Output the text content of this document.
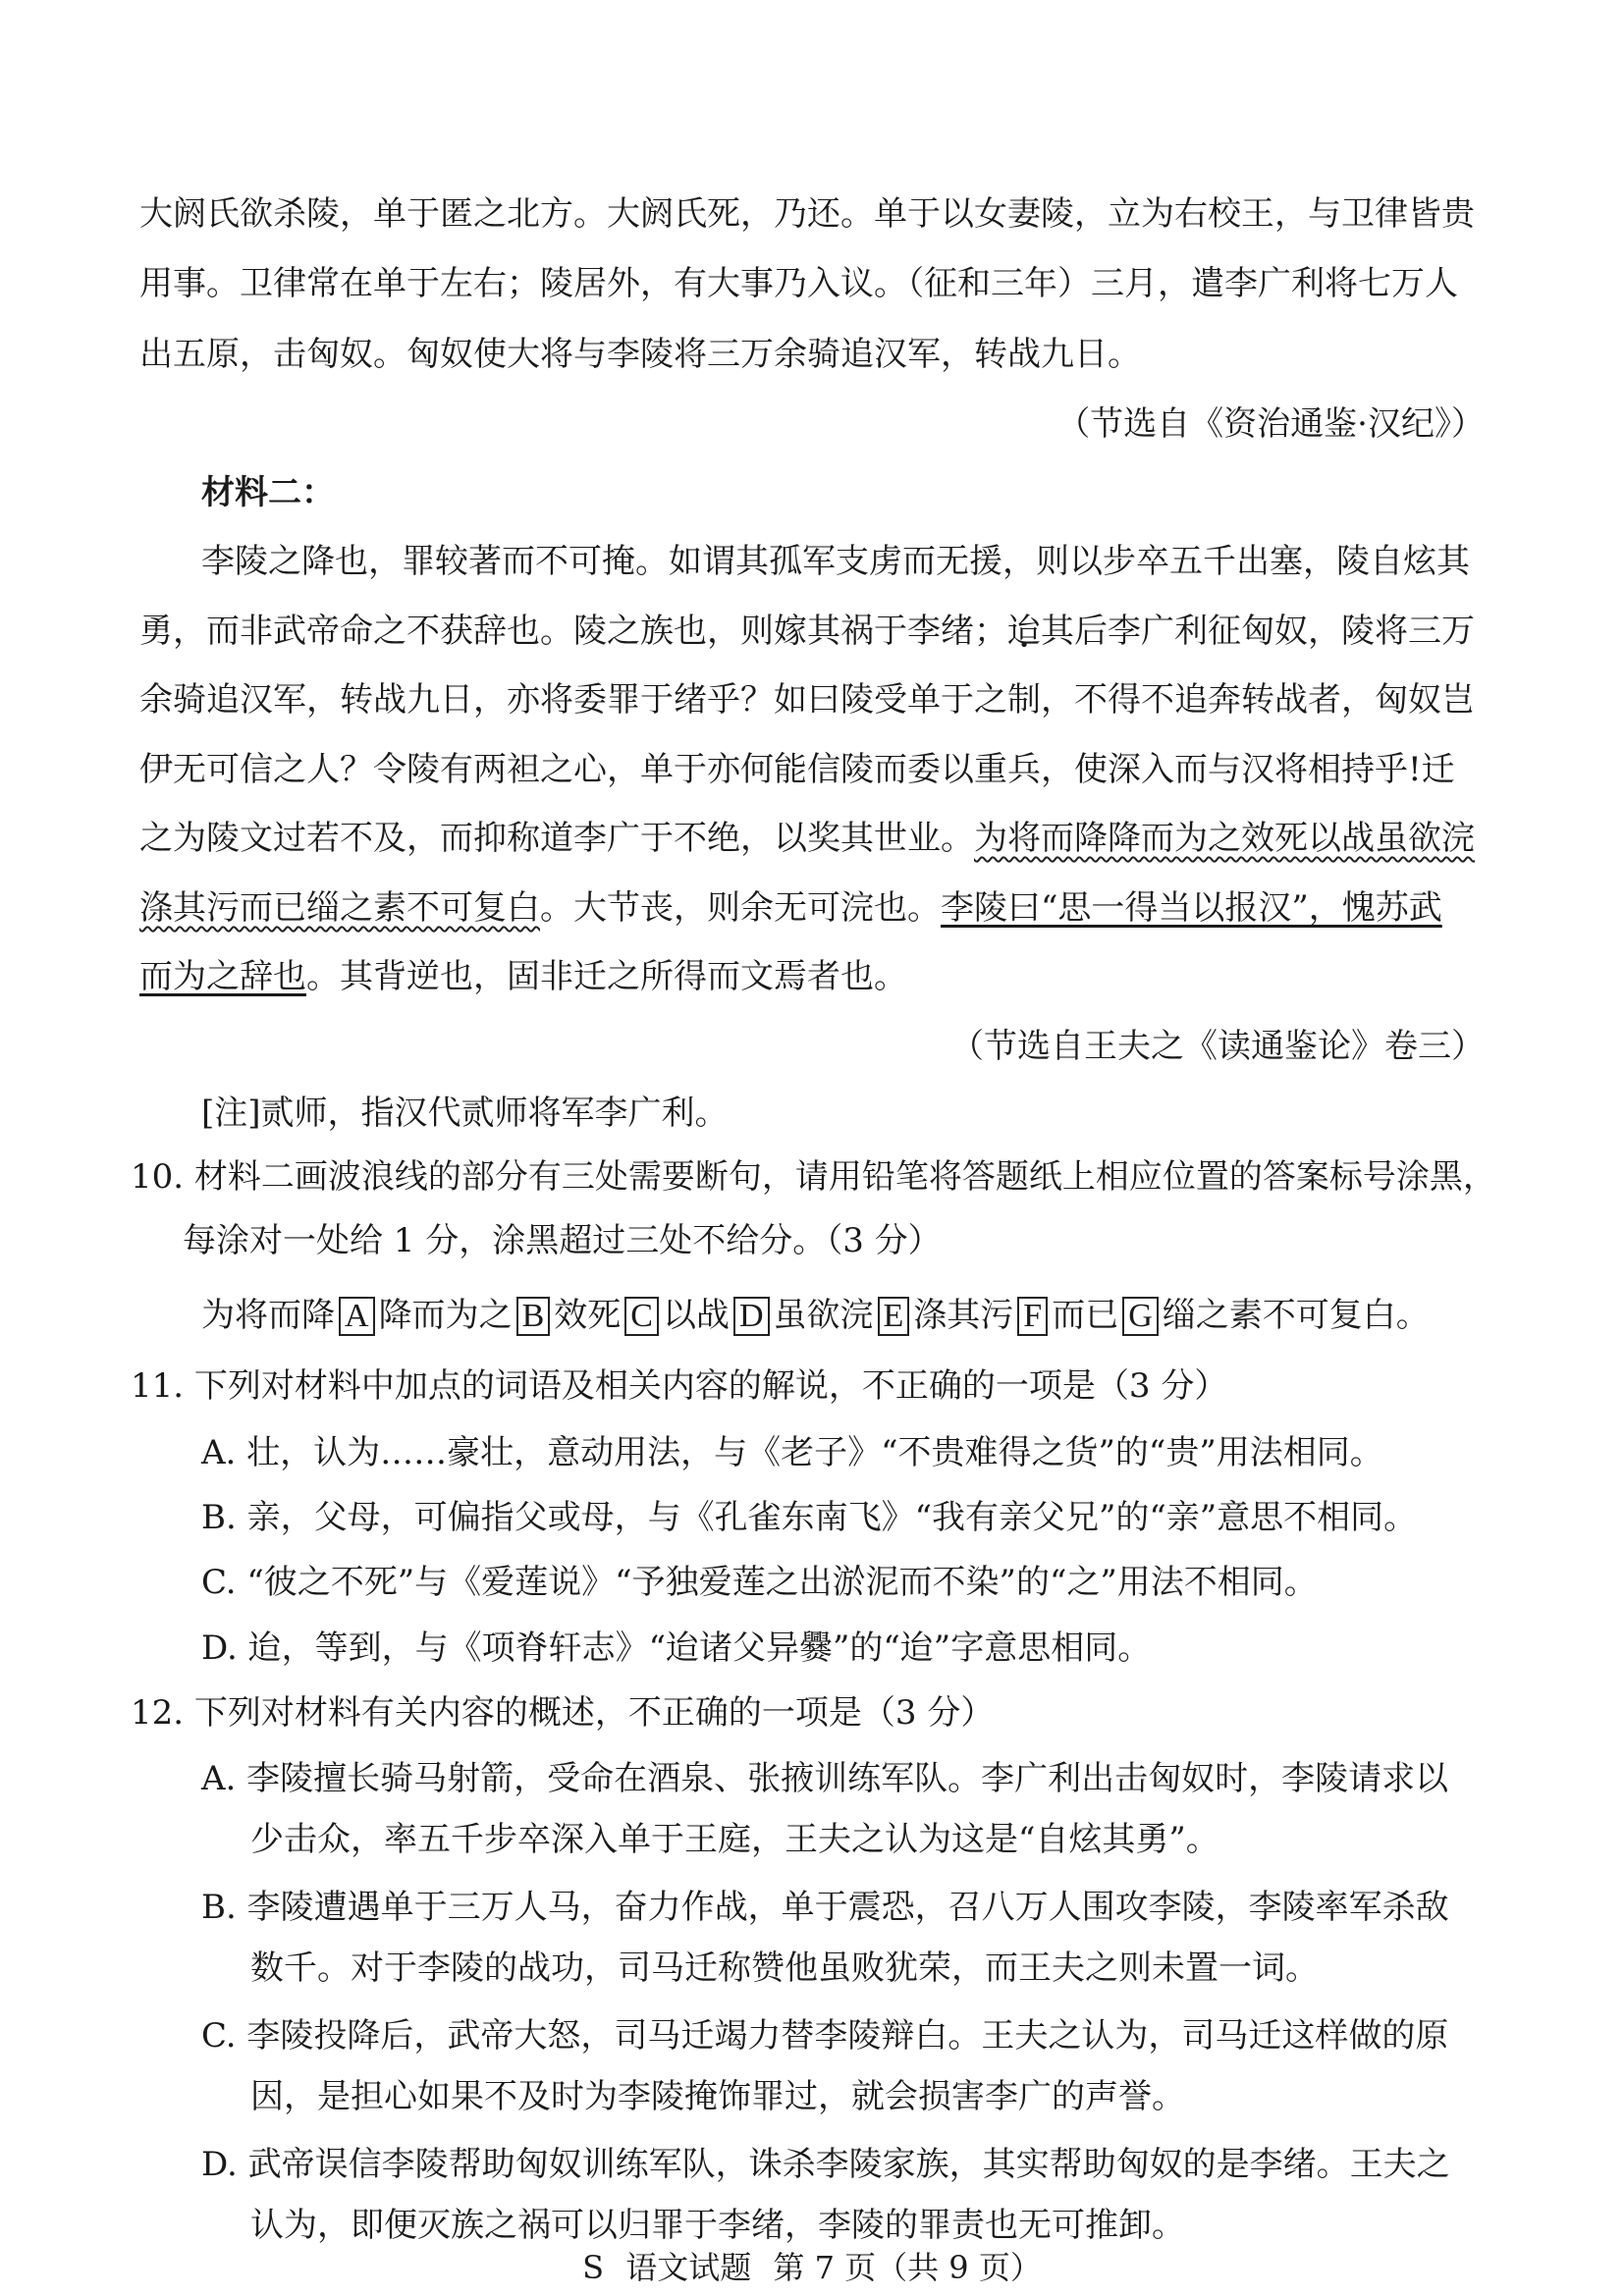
大阏氏欲杀陵，单于匿之北方。大阏氏死，乃还。单于以女妻陵，立为右校王，与卫律皆贵
用事。卫律常在单于左右；陵居外，有大事乃入议。（征和三年）三月，遣李广利将七万人
出五原，击匈奴。匈奴使大将与李陵将三万余骑追汉军，转战九日。
（节选自《资治通鉴·汉纪》）
材料二：
李陵之降也，罪较著而不可掩。如谓其孤军支虏而无援，则以步卒五千出塞，陵自炫其
勇，而非武帝命之不获辞也。陵之族也，则嫁其祸于李绪；迨其后李广利征匈奴，陵将三万
余骑追汉军，转战九日，亦将委罪于绪乎？如曰陵受单于之制，不得不追奔转战者，匈奴岂
伊无可信之人？令陵有两袒之心，单于亦何能信陵而委以重兵，使深入而与汉将相持乎!迁
之为陵文过若不及，而抑称道李广于不绝，以奖其世业。为将而降降而为之效死以战虽欲浣
涤其污而已缁之素不可复白。大节丧，则余无可浣也。李陵曰“思一得当以报汉”，愧苏武
而为之辞也。其背逆也，固非迁之所得而文焉者也。
（节选自王夫之《读通鉴论》卷三）
[注]贰师，指汉代贰师将军李广利。
10. 材料二画波浪线的部分有三处需要断句，请用铅笔将答题纸上相应位置的答案标号涂黑，
每涂对一处给 1 分，涂黑超过三处不给分。（3 分）
为将而降 A 降而为之 B 效死 C 以战 D 虽欲浣 E 涤其污 F 而已 G 缁之素不可复白。
11. 下列对材料中加点的词语及相关内容的解说，不正确的一项是（3 分）
A. 壮，认为……豪壮，意动用法，与《老子》“不贵难得之货”的“贵”用法相同。
B. 亲，父母，可偏指父或母，与《孔雀东南飞》“我有亲父兄”的“亲”意思不相同。
C. “彼之不死”与《爱莲说》“予独爱莲之出淤泥而不染”的“之”用法不相同。
D. 迨，等到，与《项脊轩志》“迨诸父异爨”的“迨”字意思相同。
12. 下列对材料有关内容的概述，不正确的一项是（3 分）
A. 李陵擅长骑马射箭，受命在酒泉、张掖训练军队。李广利出击匈奴时，李陵请求以
少击众，率五千步卒深入单于王庭，王夫之认为这是“自炫其勇”。
B. 李陵遭遇单于三万人马，奋力作战，单于震恐，召八万人围攻李陵，李陵率军杀敌
数千。对于李陵的战功，司马迁称赞他虽败犹荣，而王夫之则未置一词。
C. 李陵投降后，武帝大怒，司马迁竭力替李陵辩白。王夫之认为，司马迁这样做的原
因，是担心如果不及时为李陵掩饰罪过，就会损害李广的声誉。
D. 武帝误信李陵帮助匈奴训练军队，诛杀李陵家族，其实帮助匈奴的是李绪。王夫之
认为，即便灭族之祸可以归罪于李绪，李陵的罪责也无可推卸。
S 语文试题 第 7 页（共 9 页）
